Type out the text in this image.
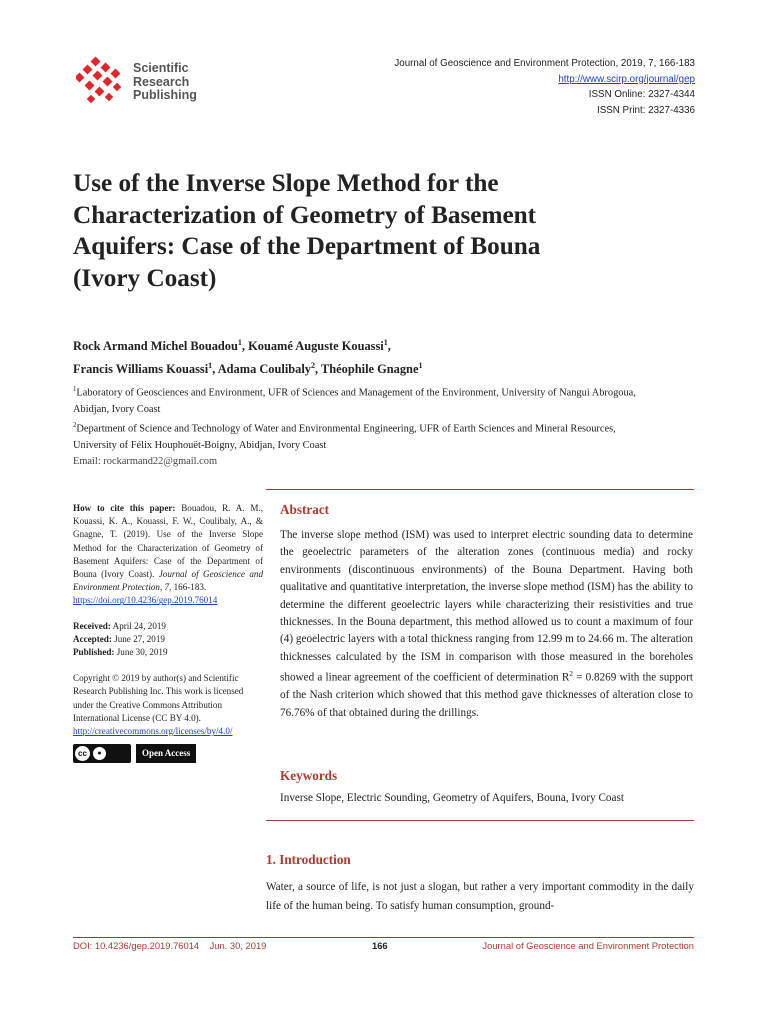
Scientific
Research
Publishing
Journal of Geoscience and Environment Protection, 2019, 7, 166-183
http://www.scirp.org/journal/gep
ISSN Online: 2327-4344
ISSN Print: 2327-4336
Use of the Inverse Slope Method for the
Characterization of Geometry of Basement
Aquifers: Case of the Department of Bouna
(Ivory Coast)
Rock Armand Michel Bouadou$^1$, Kouamé Auguste Kouassi$^1$,
Francis Williams Kouassi$^1$, Adama Coulibaly$^2$, Théophile Gnagne$^1$
$^1$Laboratory of Geosciences and Environment, UFR of Sciences and Management of the Environment, University of Nangui Abrogoua,
Abidjan, Ivory Coast
$^2$Department of Science and Technology of Water and Environmental Engineering, UFR of Earth Sciences and Mineral Resources,
University of Félix Houphouët-Boigny, Abidjan, Ivory Coast
Email: rockarmand22@gmail.com
How to cite this paper: Bouadou, R. A. M., Kouassi, K. A., Kouassi, F. W., Coulibaly, A., & Gnagne, T. (2019). Use of the Inverse Slope Method for the Characterization of Geometry of Basement Aquifers: Case of the Department of Bouna (Ivory Coast). Journal of Geoscience and Environment Protection, 7, 166-183.
https://doi.org/10.4236/gep.2019.76014
Received: April 24, 2019
Accepted: June 27, 2019
Published: June 30, 2019
Copyright © 2019 by author(s) and Scientific Research Publishing Inc. This work is licensed under the Creative Commons Attribution International License (CC BY 4.0).
http://creativecommons.org/licenses/by/4.0/
cc	●	Open Access
Abstract
The inverse slope method (ISM) was used to interpret electric sounding data to determine the geoelectric parameters of the alteration zones (continuous media) and rocky environments (discontinuous environments) of the Bouna Department. Having both qualitative and quantitative interpretation, the inverse slope method (ISM) has the ability to determine the different geoelectric layers while characterizing their resistivities and true thicknesses. In the Bouna department, this method allowed us to count a maximum of four (4) geoelectric layers with a total thickness ranging from 12.99 m to 24.66 m. The alteration thicknesses calculated by the ISM in comparison with those measured in the boreholes showed a linear agreement of the coefficient of determination $R^2 = 0.8269$ with the support of the Nash criterion which showed that this method gave thicknesses of alteration close to 76.76% of that obtained during the drillings.
Keywords
Inverse Slope, Electric Sounding, Geometry of Aquifers, Bouna, Ivory Coast
1. Introduction
Water, a source of life, is not just a slogan, but rather a very important commodity in the daily life of the human being. To satisfy human consumption, ground-
DOI: 10.4236/gep.2019.76014    Jun. 30, 2019	166	Journal of Geoscience and Environment Protection
